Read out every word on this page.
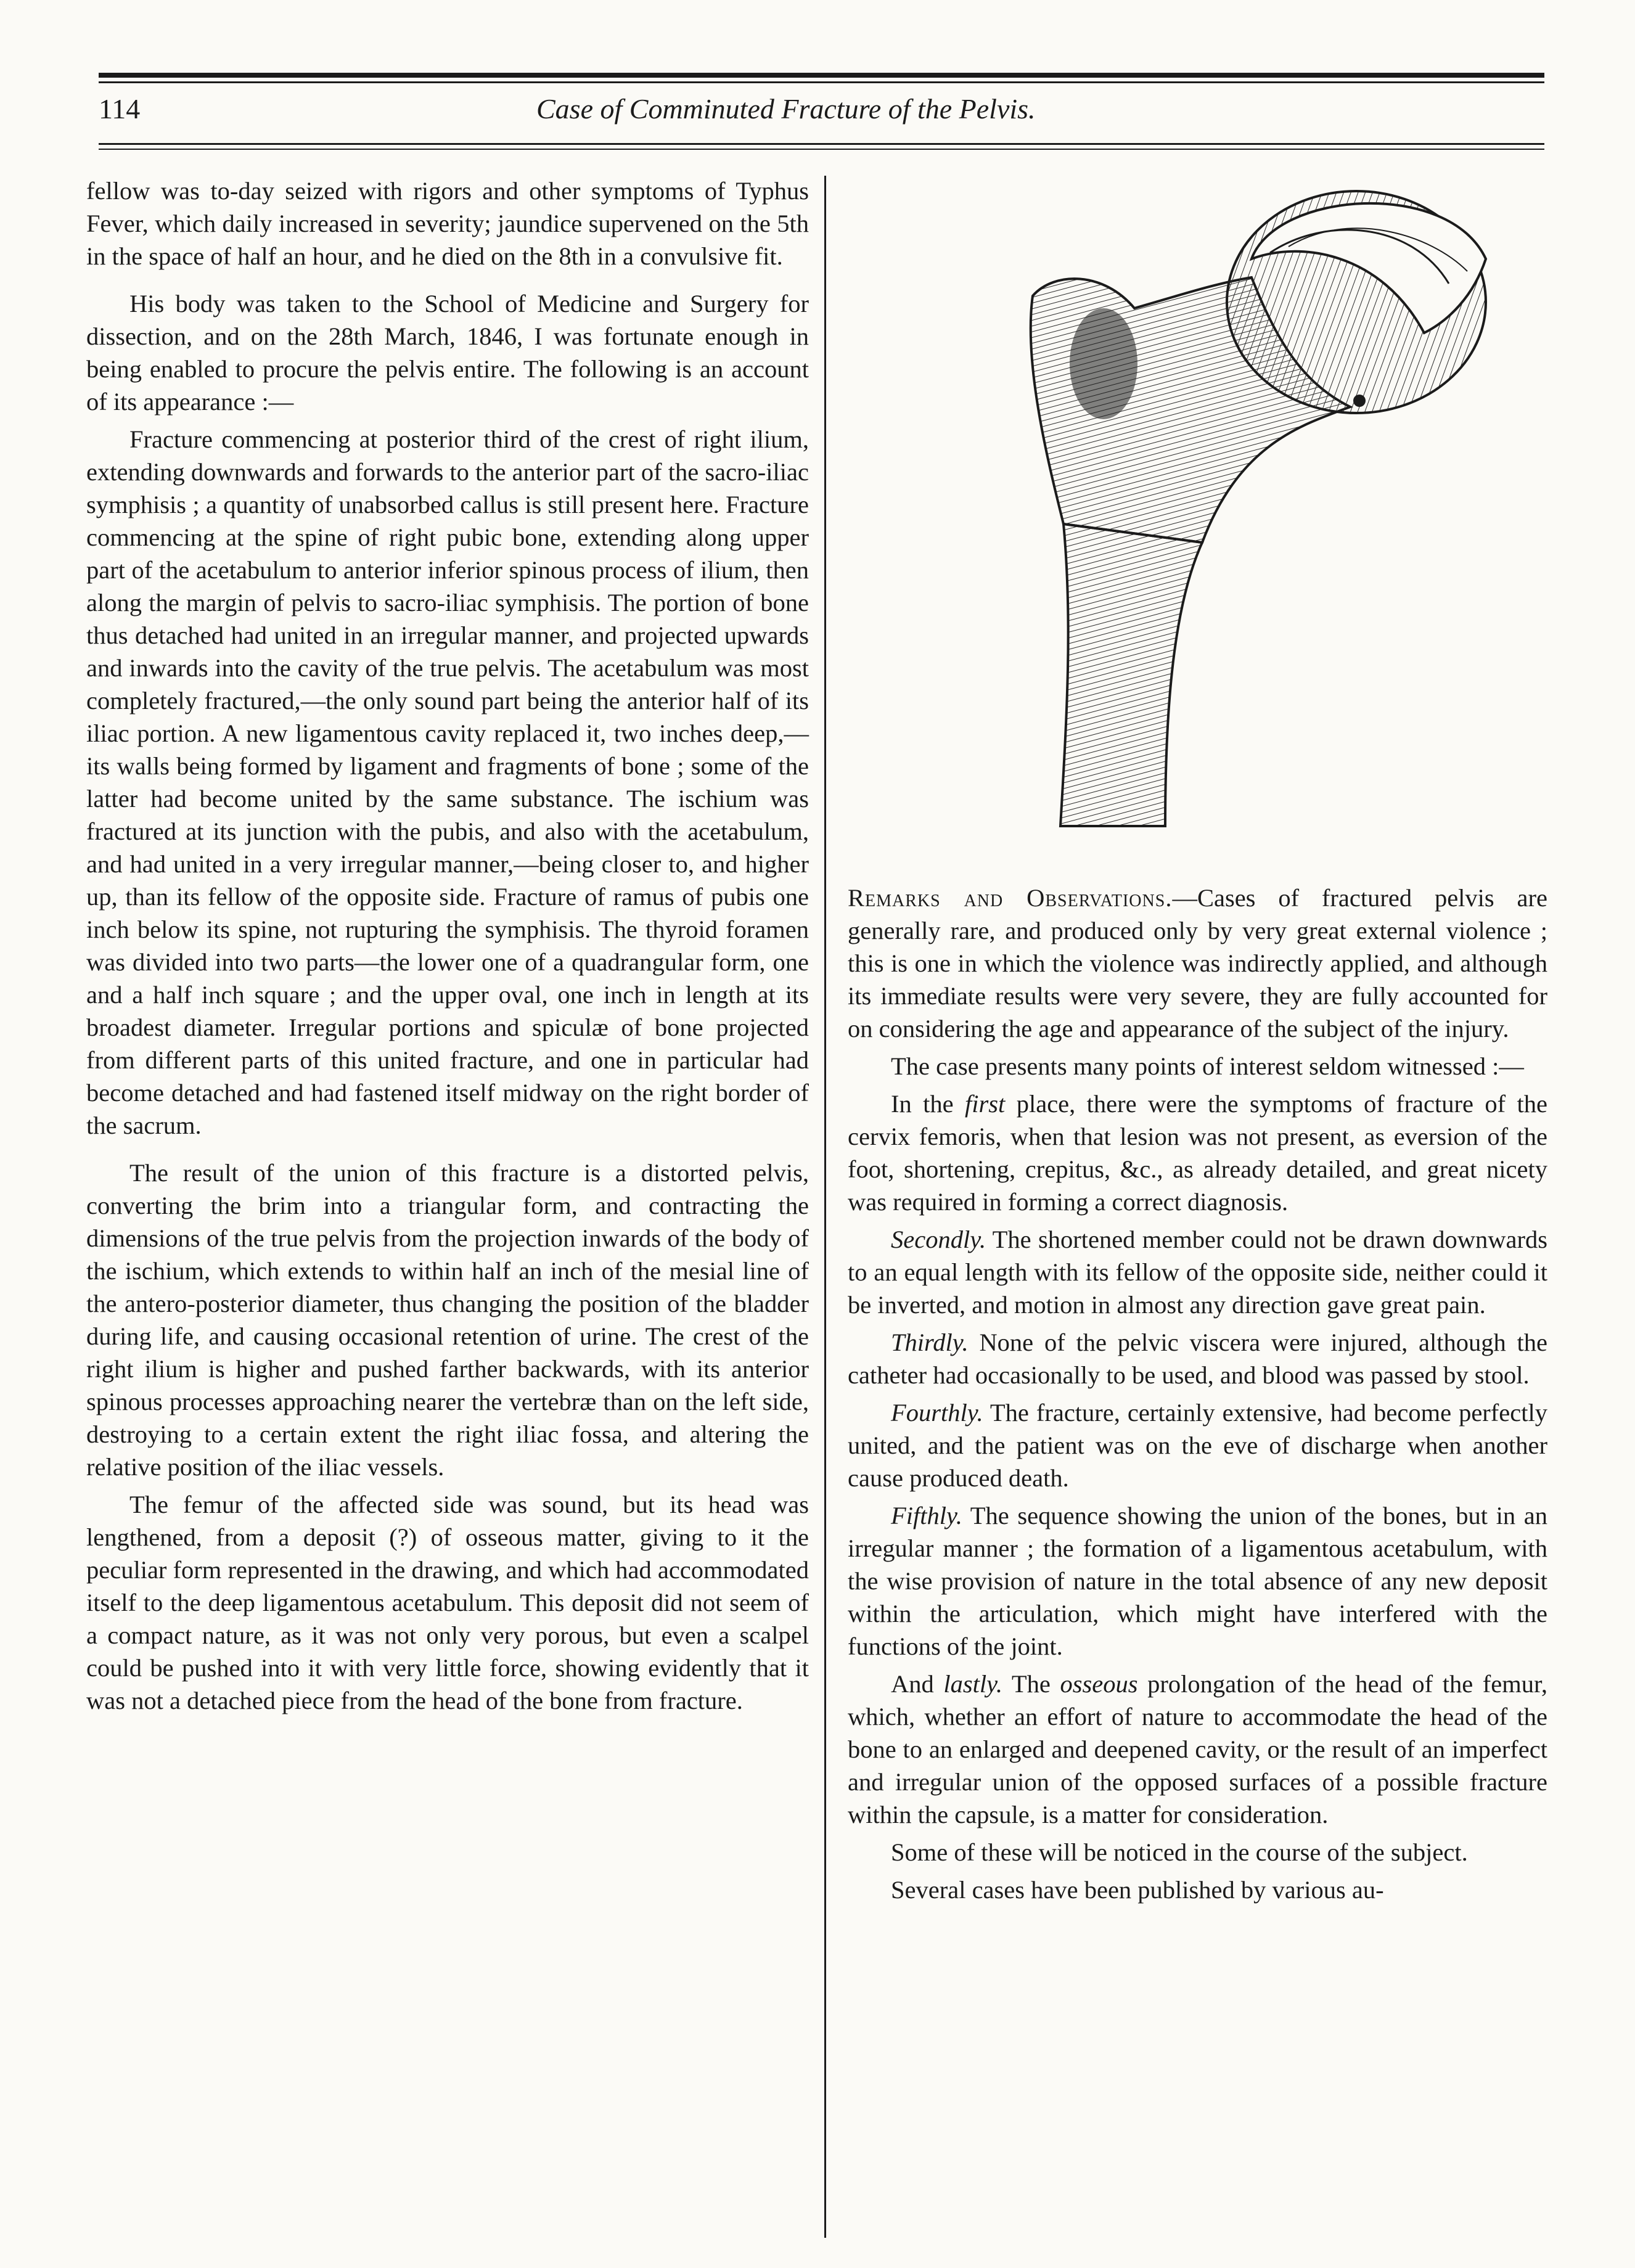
114	Case of Comminuted Fracture of the Pelvis.

fellow was to-day seized with rigors and other symptoms of Typhus Fever, which daily increased in severity; jaundice supervened on the 5th in the space of half an hour, and he died on the 8th in a convulsive fit.

His body was taken to the School of Medicine and Surgery for dissection, and on the 28th March, 1846, I was fortunate enough in being enabled to procure the pelvis entire. The following is an account of its appearance :—

Fracture commencing at posterior third of the crest of right ilium, extending downwards and forwards to the anterior part of the sacro-iliac symphisis ; a quantity of unabsorbed callus is still present here. Fracture commencing at the spine of right pubic bone, extending along upper part of the acetabulum to anterior inferior spinous process of ilium, then along the margin of pelvis to sacro-iliac symphisis. The portion of bone thus detached had united in an irregular manner, and projected upwards and inwards into the cavity of the true pelvis. The acetabulum was most completely fractured,—the only sound part being the anterior half of its iliac portion. A new ligamentous cavity replaced it, two inches deep,—its walls being formed by ligament and fragments of bone ; some of the latter had become united by the same substance. The ischium was fractured at its junction with the pubis, and also with the acetabulum, and had united in a very irregular manner,—being closer to, and higher up, than its fellow of the opposite side. Fracture of ramus of pubis one inch below its spine, not rupturing the symphisis. The thyroid foramen was divided into two parts—the lower one of a quadrangular form, one and a half inch square ; and the upper oval, one inch in length at its broadest diameter. Irregular portions and spiculæ of bone projected from different parts of this united fracture, and one in particular had become detached and had fastened itself midway on the right border of the sacrum.

The result of the union of this fracture is a distorted pelvis, converting the brim into a triangular form, and contracting the dimensions of the true pelvis from the projection inwards of the body of the ischium, which extends to within half an inch of the mesial line of the antero-posterior diameter, thus changing the position of the bladder during life, and causing occasional retention of urine. The crest of the right ilium is higher and pushed farther backwards, with its anterior spinous processes approaching nearer the vertebræ than on the left side, destroying to a certain extent the right iliac fossa, and altering the relative position of the iliac vessels.

The femur of the affected side was sound, but its head was lengthened, from a deposit (?) of osseous matter, giving to it the peculiar form represented in the drawing, and which had accommodated itself to the deep ligamentous acetabulum. This deposit did not seem of a compact nature, as it was not only very porous, but even a scalpel could be pushed into it with very little force, showing evidently that it was not a detached piece from the head of the bone from fracture.

Remarks and Observations.—Cases of fractured pelvis are generally rare, and produced only by very great external violence ; this is one in which the violence was indirectly applied, and although its immediate results were very severe, they are fully accounted for on considering the age and appearance of the subject of the injury.

The case presents many points of interest seldom witnessed :—

In the first place, there were the symptoms of fracture of the cervix femoris, when that lesion was not present, as eversion of the foot, shortening, crepitus, &c., as already detailed, and great nicety was required in forming a correct diagnosis.

Secondly. The shortened member could not be drawn downwards to an equal length with its fellow of the opposite side, neither could it be inverted, and motion in almost any direction gave great pain.

Thirdly. None of the pelvic viscera were injured, although the catheter had occasionally to be used, and blood was passed by stool.

Fourthly. The fracture, certainly extensive, had become perfectly united, and the patient was on the eve of discharge when another cause produced death.

Fifthly. The sequence showing the union of the bones, but in an irregular manner ; the formation of a ligamentous acetabulum, with the wise provision of nature in the total absence of any new deposit within the articulation, which might have interfered with the functions of the joint.

And lastly. The osseous prolongation of the head of the femur, which, whether an effort of nature to accommodate the head of the bone to an enlarged and deepened cavity, or the result of an imperfect and irregular union of the opposed surfaces of a possible fracture within the capsule, is a matter for consideration.

Some of these will be noticed in the course of the subject.

Several cases have been published by various au-
